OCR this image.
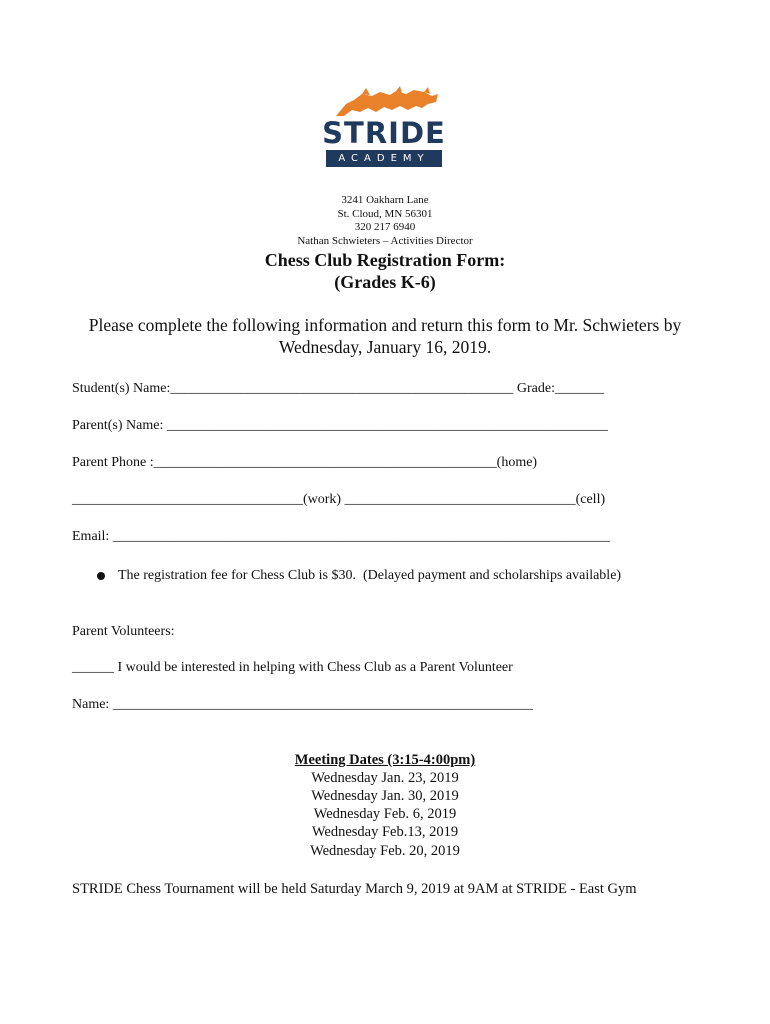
STRIDE
ACADEMY
3241 Oakharn Lane
St. Cloud, MN 56301
320 217 6940
Nathan Schwieters – Activities Director
Chess Club Registration Form:
(Grades K-6)
Please complete the following information and return this form to Mr. Schwieters by
Wednesday, January 16, 2019.
Student(s) Name:_________________________________________________ Grade:_______
Parent(s) Name: _______________________________________________________________
Parent Phone :_________________________________________________(home)
_________________________________(work) _________________________________(cell)
Email: _______________________________________________________________________
The registration fee for Chess Club is $30.  (Delayed payment and scholarships available)
Parent Volunteers:
______ I would be interested in helping with Chess Club as a Parent Volunteer
Name: ____________________________________________________________
Meeting Dates (3:15-4:00pm)
Wednesday Jan. 23, 2019
Wednesday Jan. 30, 2019
Wednesday Feb. 6, 2019
Wednesday Feb.13, 2019
Wednesday Feb. 20, 2019
STRIDE Chess Tournament will be held Saturday March 9, 2019 at 9AM at STRIDE - East Gym
